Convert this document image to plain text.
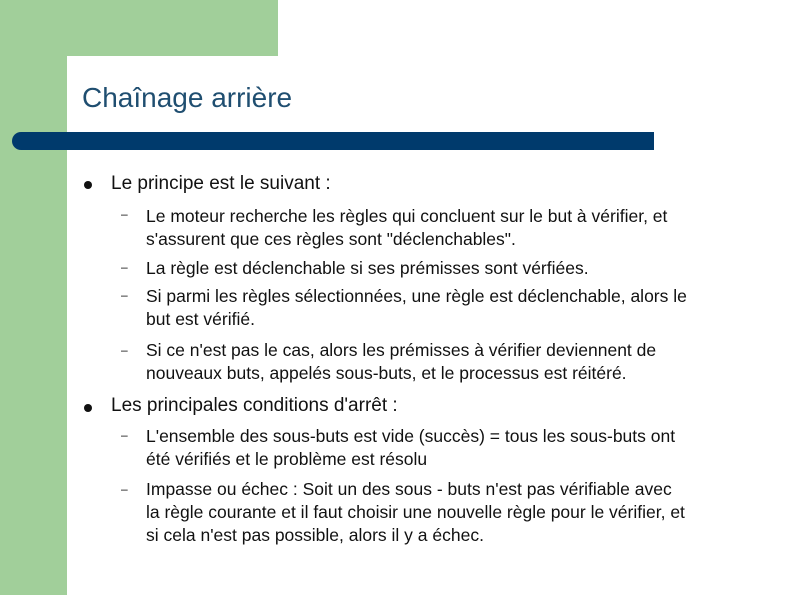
Chaînage arrière
Le principe est le suivant :
– Le moteur recherche les règles qui concluent sur le but à vérifier, et
s'assurent que ces règles sont "déclenchables".
– La règle est déclenchable si ses prémisses sont vérfiées.
– Si parmi les règles sélectionnées, une règle est déclenchable, alors le
but est vérifié.
– Si ce n'est pas le cas, alors les prémisses à vérifier deviennent de
nouveaux buts, appelés sous-buts, et le processus est réitéré.
Les principales conditions d'arrêt :
– L'ensemble des sous-buts est vide (succès) = tous les sous-buts ont
été vérifiés et le problème est résolu
– Impasse ou échec : Soit un des sous - buts n'est pas vérifiable avec
la règle courante et il faut choisir une nouvelle règle pour le vérifier, et
si cela n'est pas possible, alors il y a échec.
